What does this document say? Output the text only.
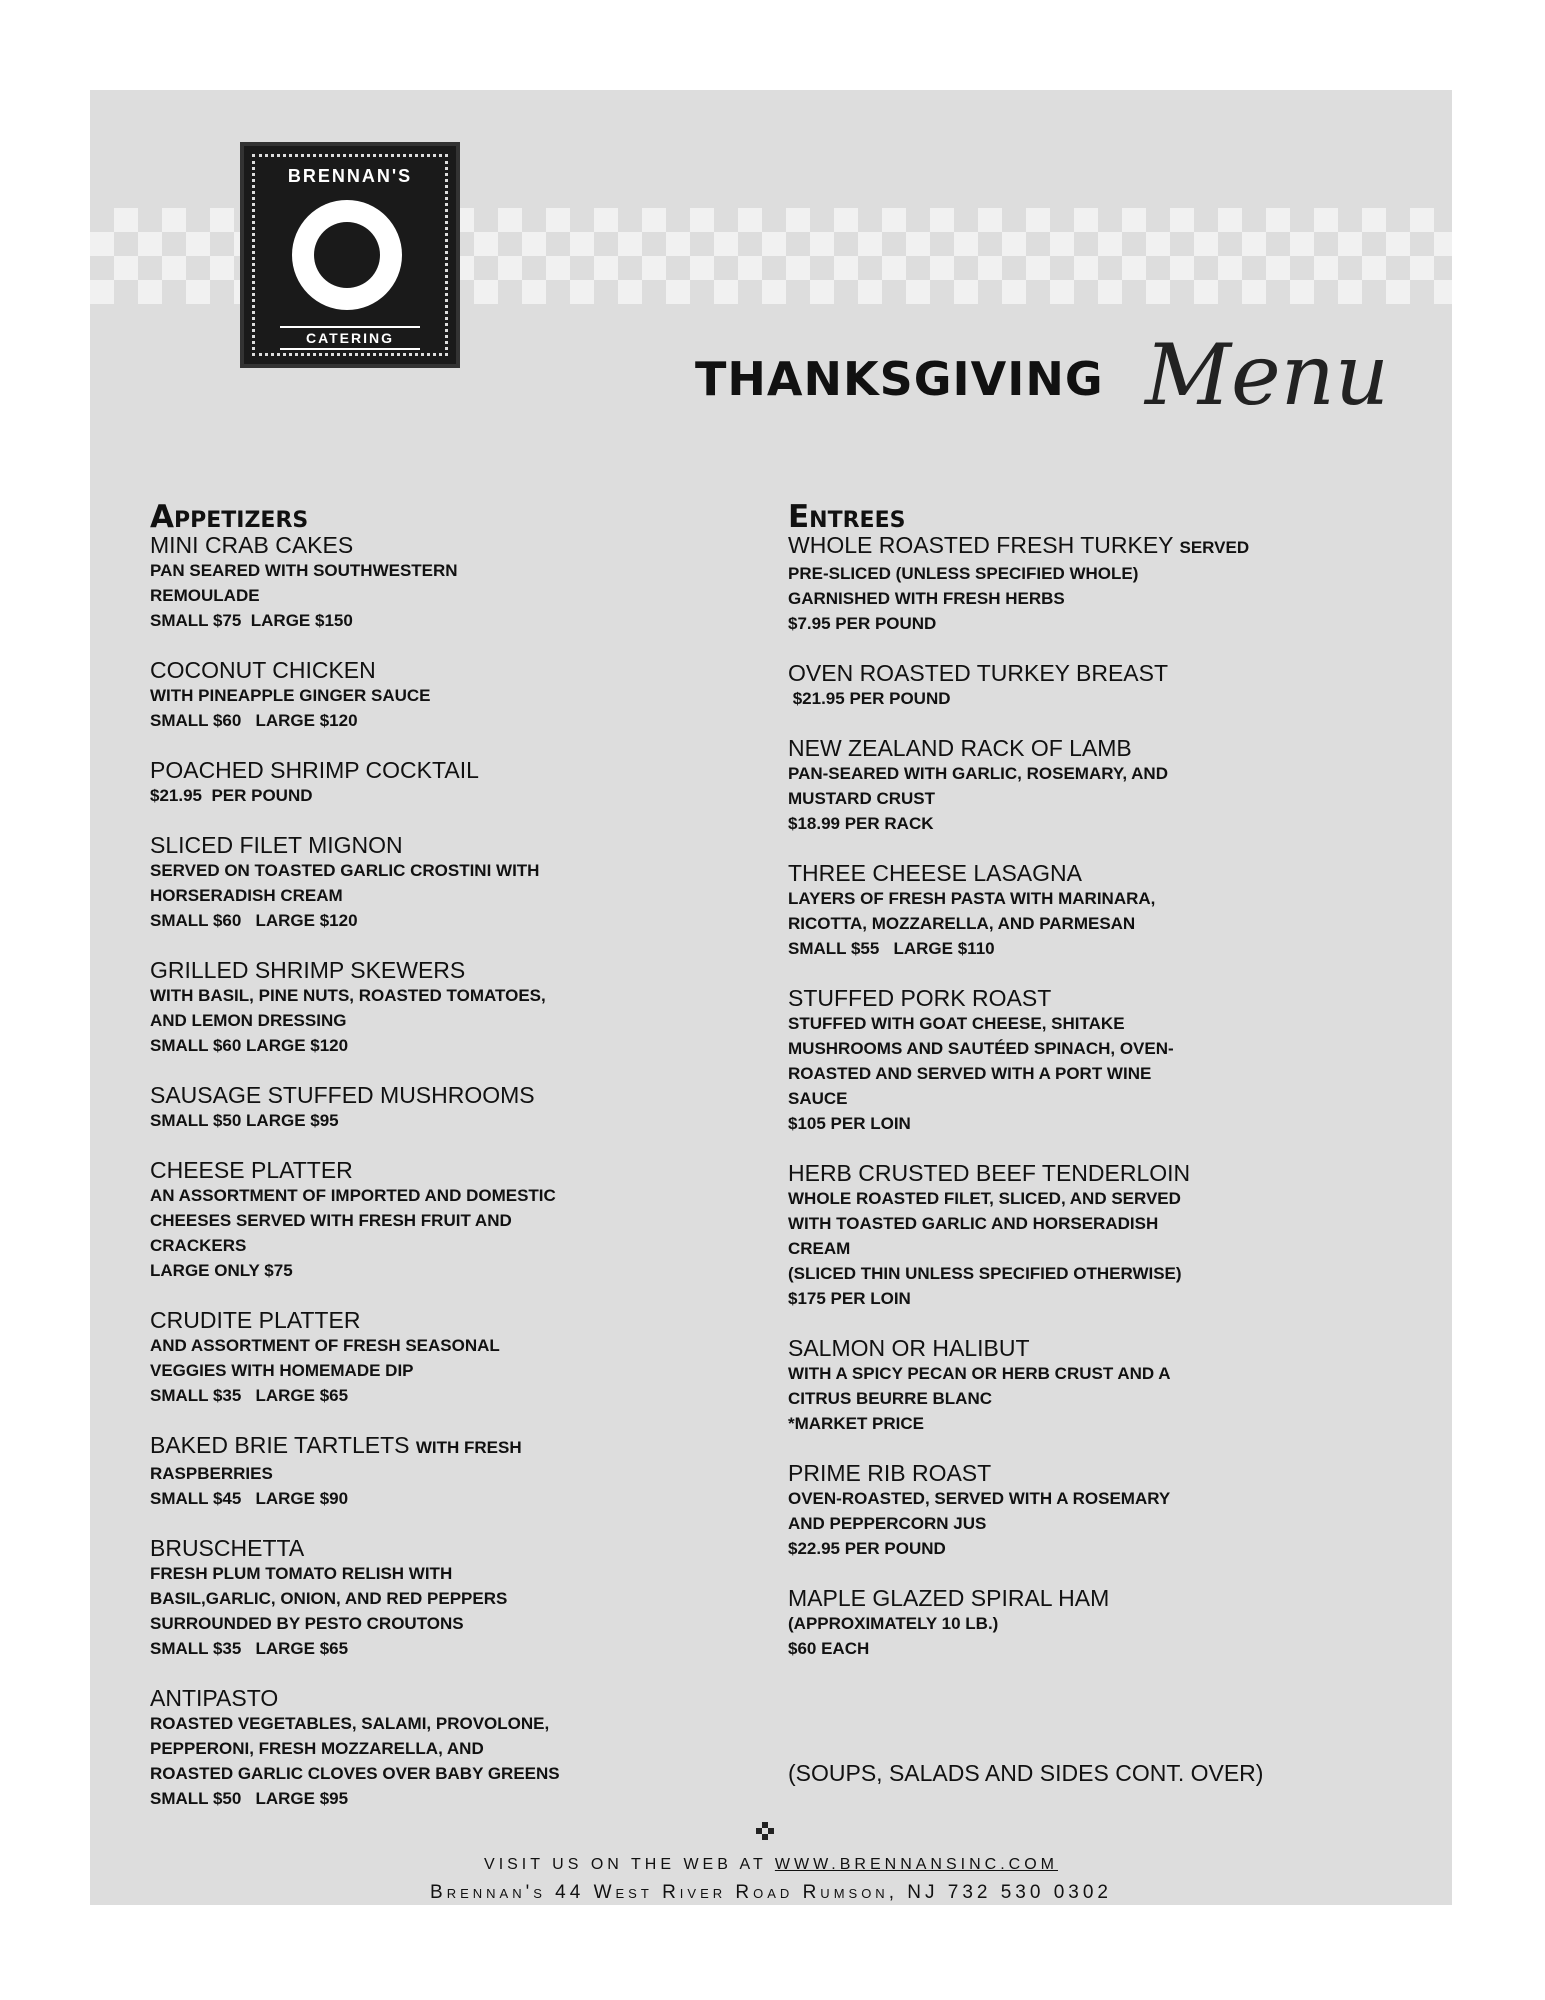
BRENNAN'S
CATERING
THANKSGIVING Menu
Appetizers
MINI CRAB CAKES
PAN SEARED WITH SOUTHWESTERN
REMOULADE
SMALL $75  LARGE $150
COCONUT CHICKEN
WITH PINEAPPLE GINGER SAUCE
SMALL $60   LARGE $120
POACHED SHRIMP COCKTAIL
$21.95  PER POUND
SLICED FILET MIGNON
SERVED ON TOASTED GARLIC CROSTINI WITH
HORSERADISH CREAM
SMALL $60   LARGE $120
GRILLED SHRIMP SKEWERS
WITH BASIL, PINE NUTS, ROASTED TOMATOES,
AND LEMON DRESSING
SMALL $60 LARGE $120
SAUSAGE STUFFED MUSHROOMS
SMALL $50 LARGE $95
CHEESE PLATTER
AN ASSORTMENT OF IMPORTED AND DOMESTIC
CHEESES SERVED WITH FRESH FRUIT AND
CRACKERS
LARGE ONLY $75
CRUDITE PLATTER
AND ASSORTMENT OF FRESH SEASONAL
VEGGIES WITH HOMEMADE DIP
SMALL $35   LARGE $65
BAKED BRIE TARTLETS WITH FRESH
RASPBERRIES
SMALL $45   LARGE $90
BRUSCHETTA
FRESH PLUM TOMATO RELISH WITH
BASIL,GARLIC, ONION, AND RED PEPPERS
SURROUNDED BY PESTO CROUTONS
SMALL $35   LARGE $65
ANTIPASTO
ROASTED VEGETABLES, SALAMI, PROVOLONE,
PEPPERONI, FRESH MOZZARELLA, AND
ROASTED GARLIC CLOVES OVER BABY GREENS
SMALL $50   LARGE $95
Entrees
WHOLE ROASTED FRESH TURKEY SERVED
PRE-SLICED (UNLESS SPECIFIED WHOLE)
GARNISHED WITH FRESH HERBS
$7.95 PER POUND
OVEN ROASTED TURKEY BREAST
$21.95 PER POUND
NEW ZEALAND RACK OF LAMB
PAN-SEARED WITH GARLIC, ROSEMARY, AND
MUSTARD CRUST
$18.99 PER RACK
THREE CHEESE LASAGNA
LAYERS OF FRESH PASTA WITH MARINARA,
RICOTTA, MOZZARELLA, AND PARMESAN
SMALL $55   LARGE $110
STUFFED PORK ROAST
STUFFED WITH GOAT CHEESE, SHITAKE
MUSHROOMS AND SAUTÉED SPINACH, OVEN-
ROASTED AND SERVED WITH A PORT WINE
SAUCE
$105 PER LOIN
HERB CRUSTED BEEF TENDERLOIN
WHOLE ROASTED FILET, SLICED, AND SERVED
WITH TOASTED GARLIC AND HORSERADISH
CREAM
(SLICED THIN UNLESS SPECIFIED OTHERWISE)
$175 PER LOIN
SALMON OR HALIBUT
WITH A SPICY PECAN OR HERB CRUST AND A
CITRUS BEURRE BLANC
*MARKET PRICE
PRIME RIB ROAST
OVEN-ROASTED, SERVED WITH A ROSEMARY
AND PEPPERCORN JUS
$22.95 PER POUND
MAPLE GLAZED SPIRAL HAM
(APPROXIMATELY 10 LB.)
$60 EACH
(SOUPS, SALADS AND SIDES CONT. OVER)
VISIT US ON THE WEB AT WWW.BRENNANSINC.COM
Brennan's 44 West River Road Rumson, NJ 732 530 0302
